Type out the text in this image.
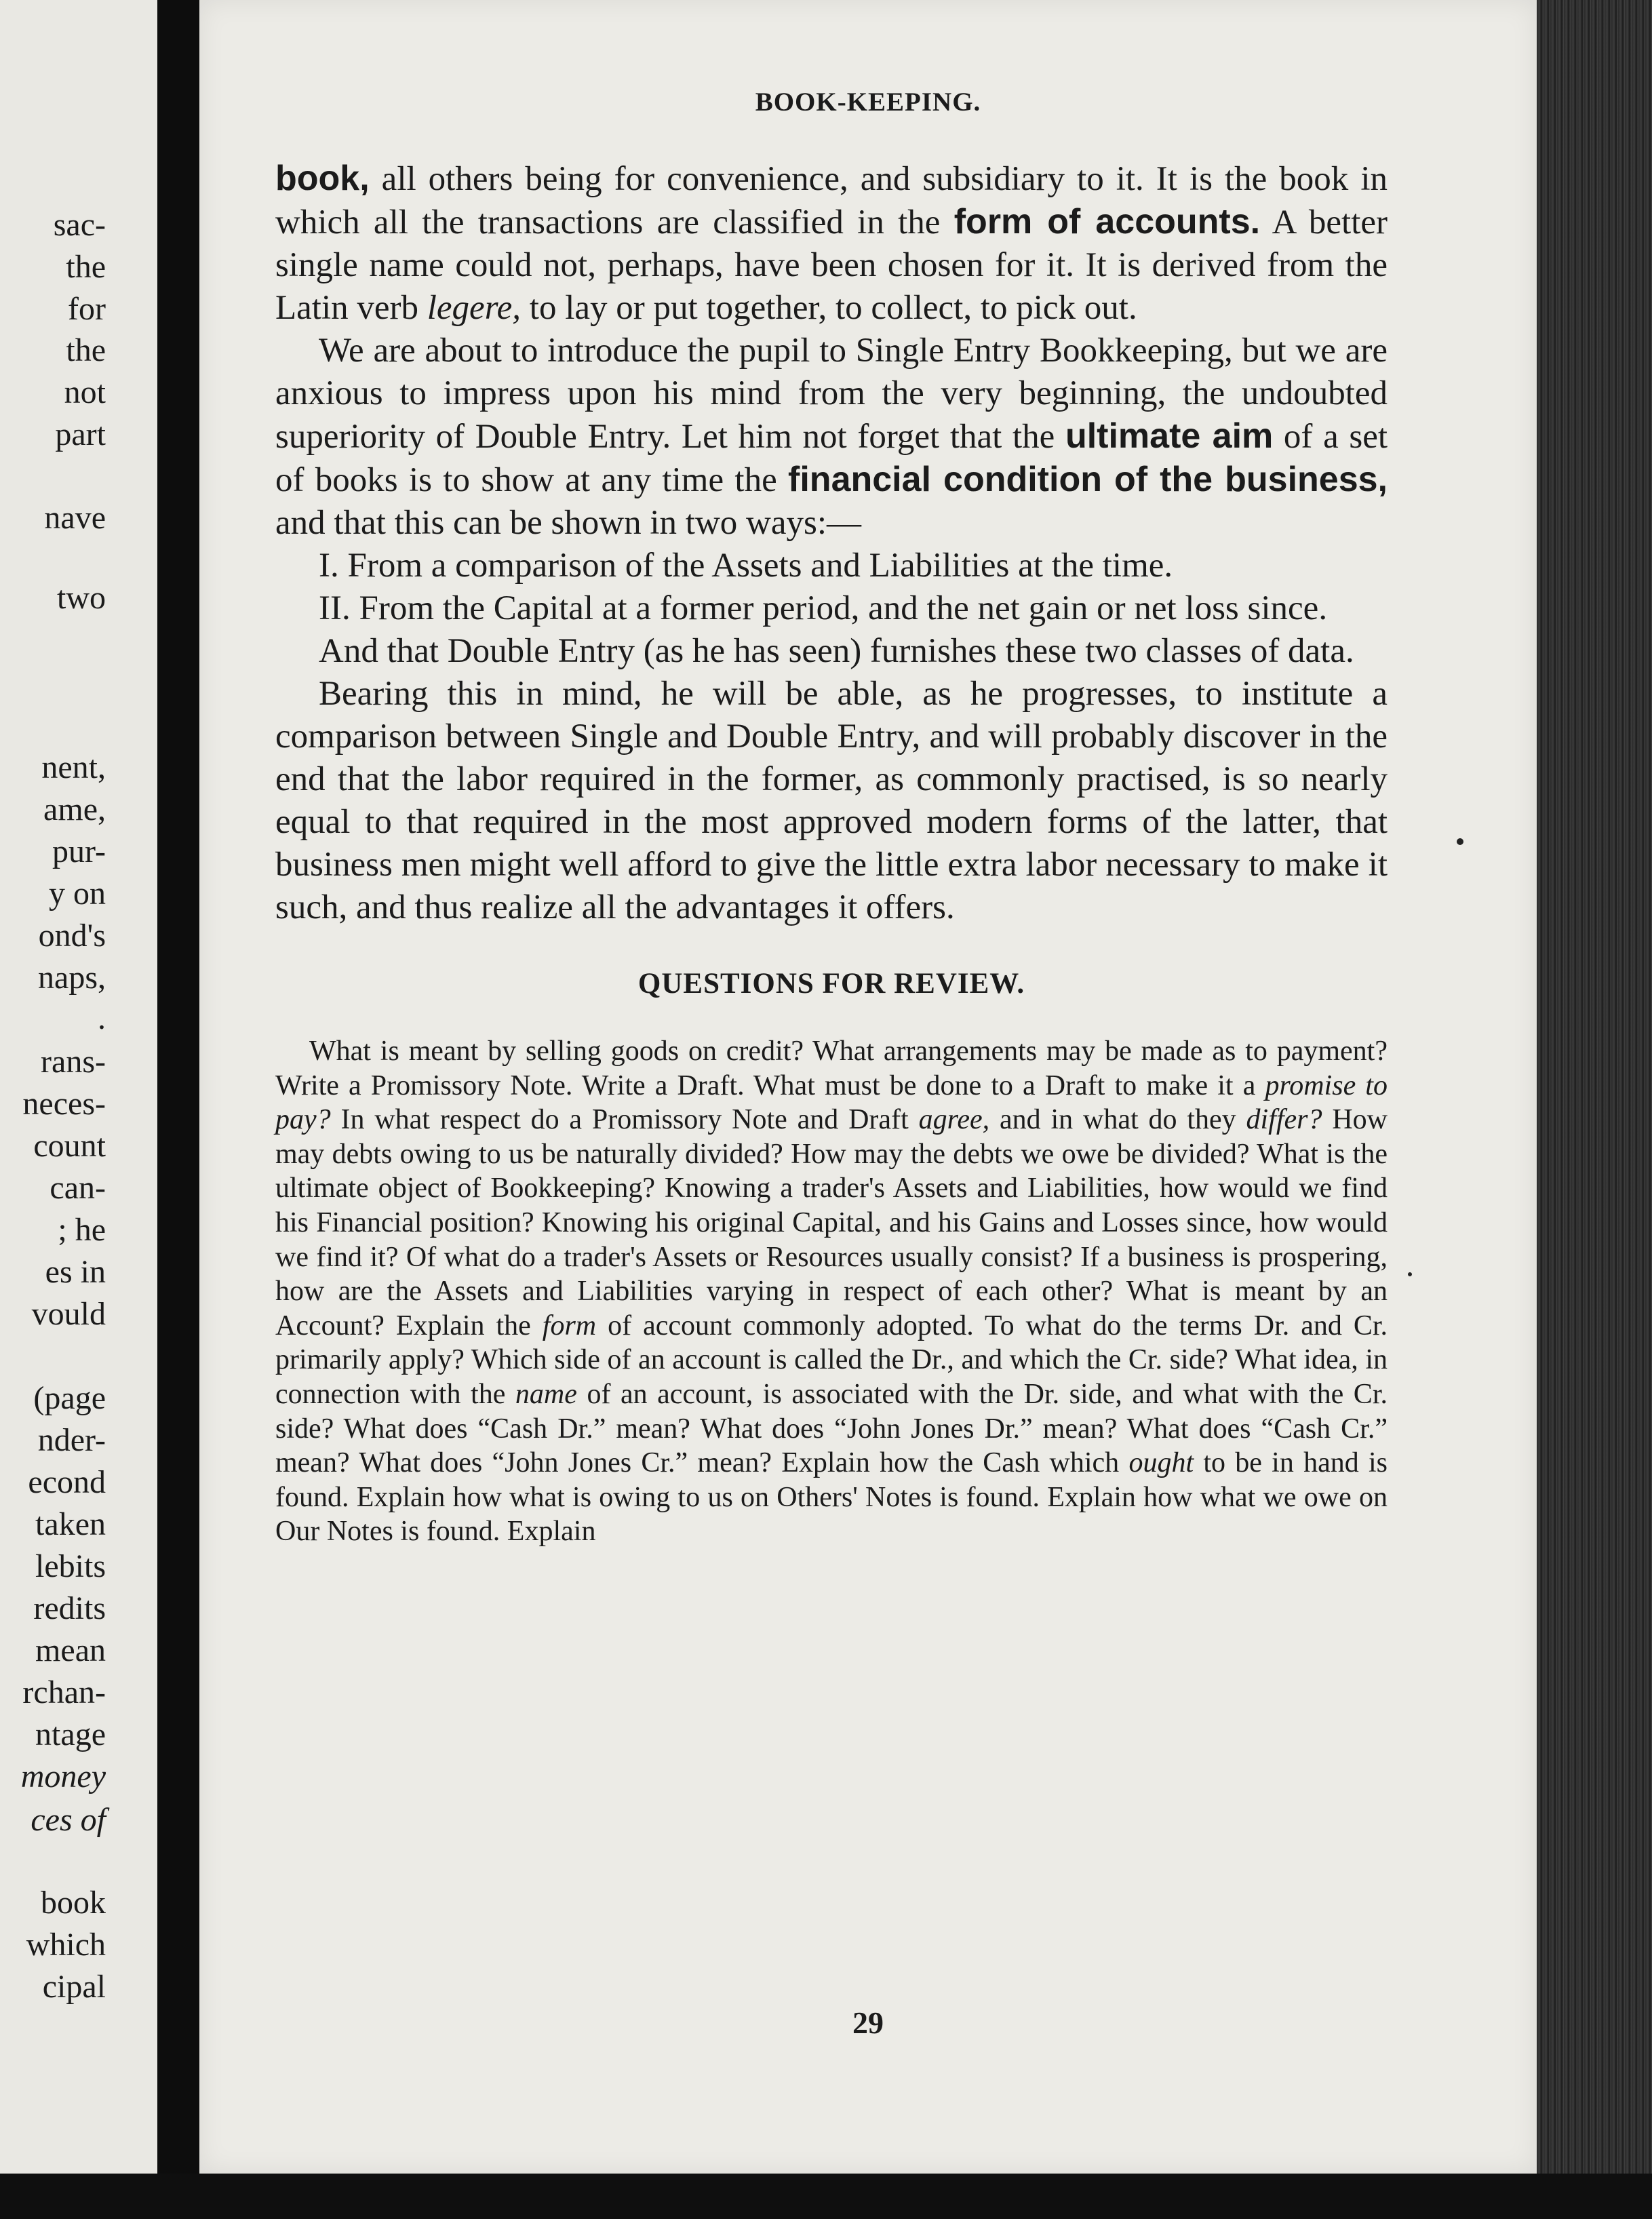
sac-
the
for
the
not
part
nave
two
nent,
ame,
pur-
y on
ond's
naps,
.
rans-
neces-
count
can-
; he
es in
vould
(page
nder-
econd
taken
lebits
redits
mean
rchan-
ntage
money
ces of
book
which
cipal
BOOK-KEEPING.

book, all others being for convenience, and subsidiary to it. It is the book in which all the transactions are classified in the form of accounts. A better single name could not, perhaps, have been chosen for it. It is derived from the Latin verb legere, to lay or put together, to collect, to pick out.

We are about to introduce the pupil to Single Entry Bookkeeping, but we are anxious to impress upon his mind from the very beginning, the undoubted superiority of Double Entry. Let him not forget that the ultimate aim of a set of books is to show at any time the financial condition of the business, and that this can be shown in two ways:—

I. From a comparison of the Assets and Liabilities at the time.

II. From the Capital at a former period, and the net gain or net loss since.

And that Double Entry (as he has seen) furnishes these two classes of data.

Bearing this in mind, he will be able, as he progresses, to institute a comparison between Single and Double Entry, and will probably discover in the end that the labor required in the former, as commonly practised, is so nearly equal to that required in the most approved modern forms of the latter, that business men might well afford to give the little extra labor necessary to make it such, and thus realize all the advantages it offers.

QUESTIONS FOR REVIEW.

What is meant by selling goods on credit? What arrangements may be made as to payment? Write a Promissory Note. Write a Draft. What must be done to a Draft to make it a promise to pay? In what respect do a Promissory Note and Draft agree, and in what do they differ? How may debts owing to us be naturally divided? How may the debts we owe be divided? What is the ultimate object of Bookkeeping? Knowing a trader's Assets and Liabilities, how would we find his Financial position? Knowing his original Capital, and his Gains and Losses since, how would we find it? Of what do a trader's Assets or Resources usually consist? If a business is prospering, how are the Assets and Liabilities varying in respect of each other? What is meant by an Account? Explain the form of account commonly adopted. To what do the terms Dr. and Cr. primarily apply? Which side of an account is called the Dr., and which the Cr. side? What idea, in connection with the name of an account, is associated with the Dr. side, and what with the Cr. side? What does “Cash Dr.” mean? What does “John Jones Dr.” mean? What does “Cash Cr.” mean? What does “John Jones Cr.” mean? Explain how the Cash which ought to be in hand is found. Explain how what is owing to us on Others' Notes is found. Explain how what we owe on Our Notes is found. Explain

29
